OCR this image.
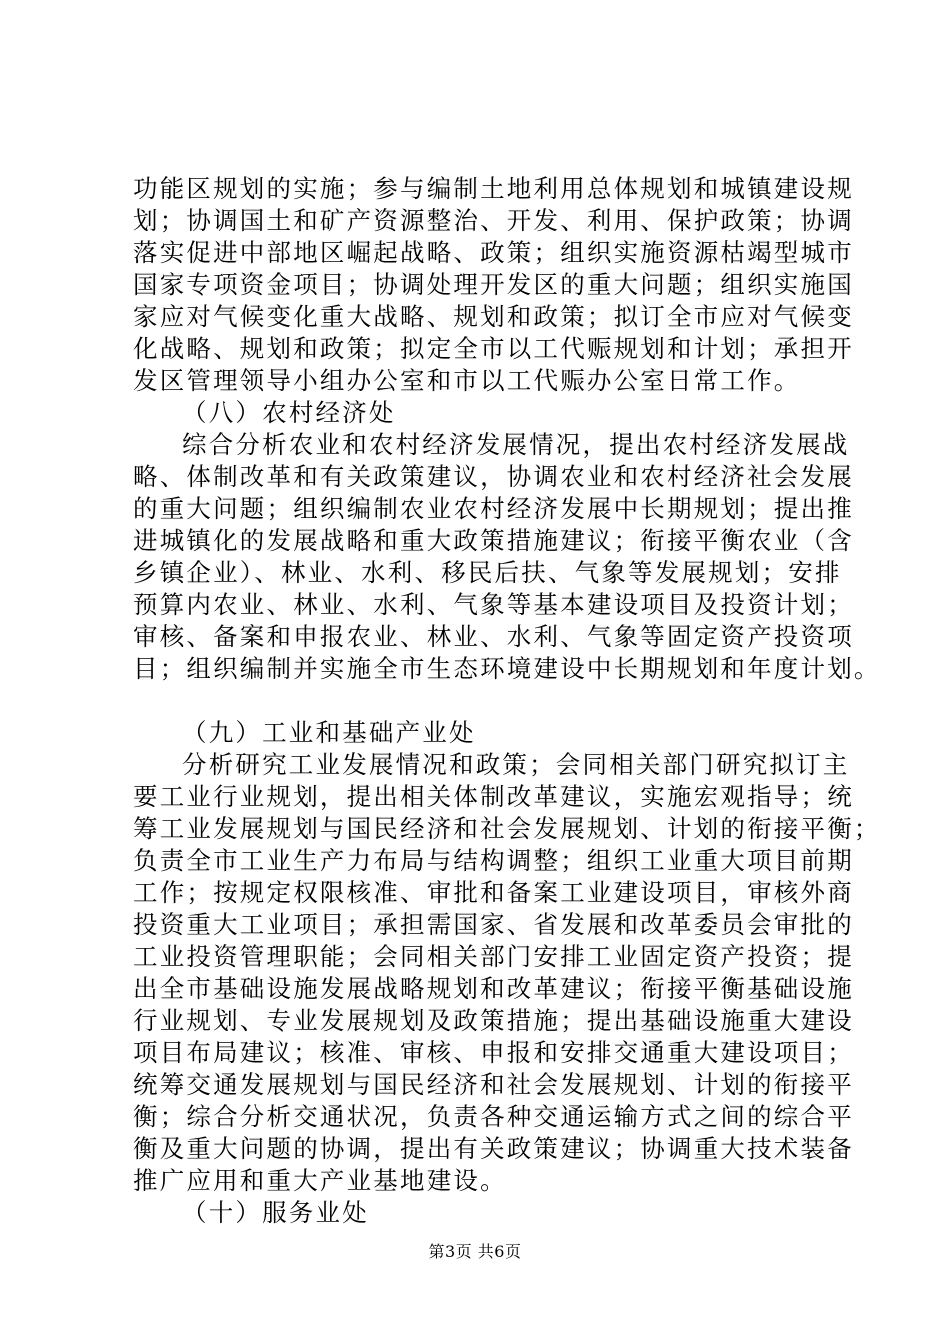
功能区规划的实施；参与编制土地利用总体规划和城镇建设规
划；协调国土和矿产资源整治、开发、利用、保护政策；协调
落实促进中部地区崛起战略、政策；组织实施资源枯竭型城市
国家专项资金项目；协调处理开发区的重大问题；组织实施国
家应对气候变化重大战略、规划和政策；拟订全市应对气候变
化战略、规划和政策；拟定全市以工代赈规划和计划；承担开
发区管理领导小组办公室和市以工代赈办公室日常工作。
（八）农村经济处
综合分析农业和农村经济发展情况，提出农村经济发展战
略、体制改革和有关政策建议，协调农业和农村经济社会发展
的重大问题；组织编制农业农村经济发展中长期规划；提出推
进城镇化的发展战略和重大政策措施建议；衔接平衡农业（含
乡镇企业）、林业、水利、移民后扶、气象等发展规划；安排
预算内农业、林业、水利、气象等基本建设项目及投资计划；
审核、备案和申报农业、林业、水利、气象等固定资产投资项
目；组织编制并实施全市生态环境建设中长期规划和年度计划。
（九）工业和基础产业处
分析研究工业发展情况和政策；会同相关部门研究拟订主
要工业行业规划，提出相关体制改革建议，实施宏观指导；统
筹工业发展规划与国民经济和社会发展规划、计划的衔接平衡；
负责全市工业生产力布局与结构调整；组织工业重大项目前期
工作；按规定权限核准、审批和备案工业建设项目，审核外商
投资重大工业项目；承担需国家、省发展和改革委员会审批的
工业投资管理职能；会同相关部门安排工业固定资产投资；提
出全市基础设施发展战略规划和改革建议；衔接平衡基础设施
行业规划、专业发展规划及政策措施；提出基础设施重大建设
项目布局建议；核准、审核、申报和安排交通重大建设项目；
统筹交通发展规划与国民经济和社会发展规划、计划的衔接平
衡；综合分析交通状况，负责各种交通运输方式之间的综合平
衡及重大问题的协调，提出有关政策建议；协调重大技术装备
推广应用和重大产业基地建设。
（十）服务业处
第3页 共6页
